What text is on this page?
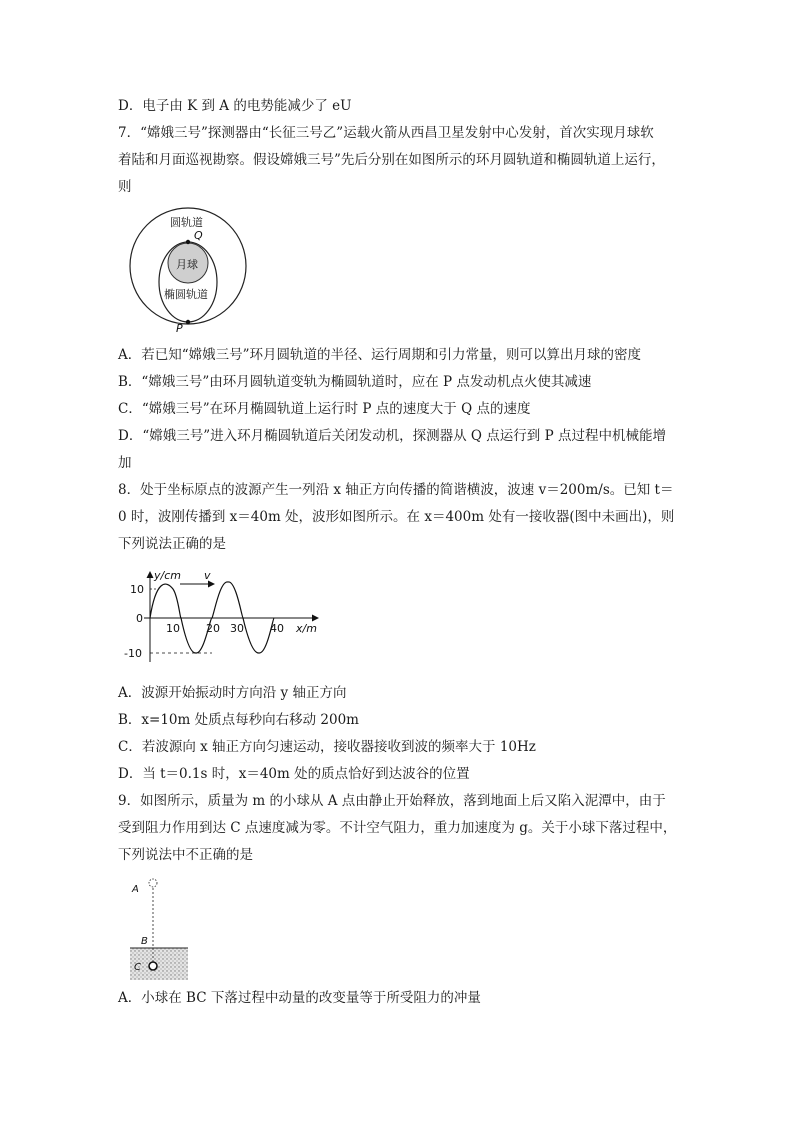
D．电子由 K 到 A 的电势能减少了 eU
7．“嫦娥三号”探测器由“长征三号乙”运载火箭从西昌卫星发射中心发射，首次实现月球软
着陆和月面巡视勘察。假设嫦娥三号”先后分别在如图所示的环月圆轨道和椭圆轨道上运行，
则
圆轨道
月球
椭圆轨道
Q
P
A．若已知“嫦娥三号”环月圆轨道的半径、运行周期和引力常量，则可以算出月球的密度
B．“嫦娥三号”由环月圆轨道变轨为椭圆轨道时，应在 P 点发动机点火使其减速
C．“嫦娥三号”在环月椭圆轨道上运行时 P 点的速度大于 Q 点的速度
D．“嫦娥三号”进入环月椭圆轨道后关闭发动机，探测器从 Q 点运行到 P 点过程中机械能增
加
8．处于坐标原点的波源产生一列沿 x 轴正方向传播的简谐横波，波速 v＝200m/s。已知 t＝
0 时，波刚传播到 x＝40m 处，波形如图所示。在 x＝400m 处有一接收器(图中未画出)，则
下列说法正确的是
v
y/cm
x/m
10
0
-10
10 20 30 40
A．波源开始振动时方向沿 y 轴正方向
B．x=10m 处质点每秒向右移动 200m
C．若波源向 x 轴正方向匀速运动，接收器接收到波的频率大于 10Hz
D．当 t＝0.1s 时，x＝40m 处的质点恰好到达波谷的位置
9．如图所示，质量为 m 的小球从 A 点由静止开始释放，落到地面上后又陷入泥潭中，由于
受到阻力作用到达 C 点速度减为零。不计空气阻力，重力加速度为 g。关于小球下落过程中，
下列说法中不正确的是
A
B
C
A．小球在 BC 下落过程中动量的改变量等于所受阻力的冲量
